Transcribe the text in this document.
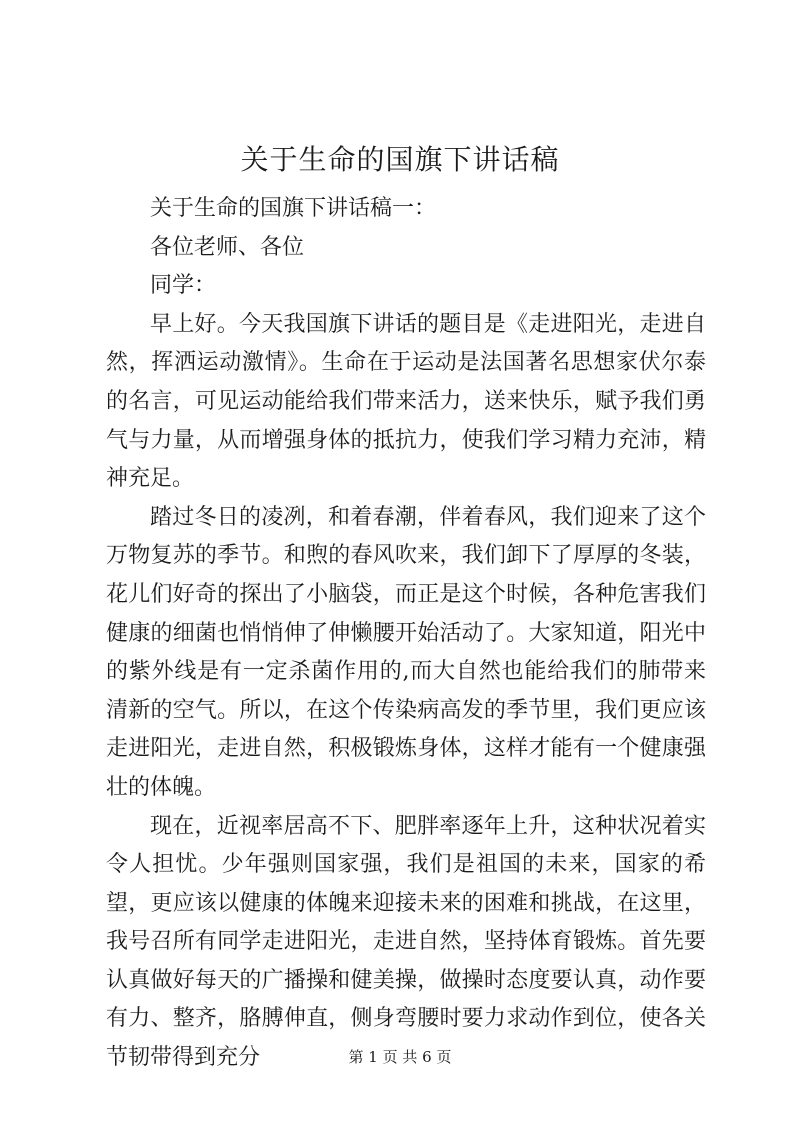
关于生命的国旗下讲话稿

关于生命的国旗下讲话稿一：

各位老师、各位

同学：

早上好。今天我国旗下讲话的题目是《走进阳光，走进自然，挥洒运动激情》。生命在于运动是法国著名思想家伏尔泰的名言，可见运动能给我们带来活力，送来快乐，赋予我们勇气与力量，从而增强身体的抵抗力，使我们学习精力充沛，精神充足。

踏过冬日的凌冽，和着春潮，伴着春风，我们迎来了这个万物复苏的季节。和煦的春风吹来，我们卸下了厚厚的冬装，花儿们好奇的探出了小脑袋，而正是这个时候，各种危害我们健康的细菌也悄悄伸了伸懒腰开始活动了。大家知道，阳光中的紫外线是有一定杀菌作用的,而大自然也能给我们的肺带来清新的空气。所以，在这个传染病高发的季节里，我们更应该走进阳光，走进自然，积极锻炼身体，这样才能有一个健康强壮的体魄。

现在，近视率居高不下、肥胖率逐年上升，这种状况着实令人担忧。少年强则国家强，我们是祖国的未来，国家的希望，更应该以健康的体魄来迎接未来的困难和挑战，在这里，我号召所有同学走进阳光，走进自然，坚持体育锻炼。首先要认真做好每天的广播操和健美操，做操时态度要认真，动作要有力、整齐，胳膊伸直，侧身弯腰时要力求动作到位，使各关节韧带得到充分	第 1 页 共 6 页
